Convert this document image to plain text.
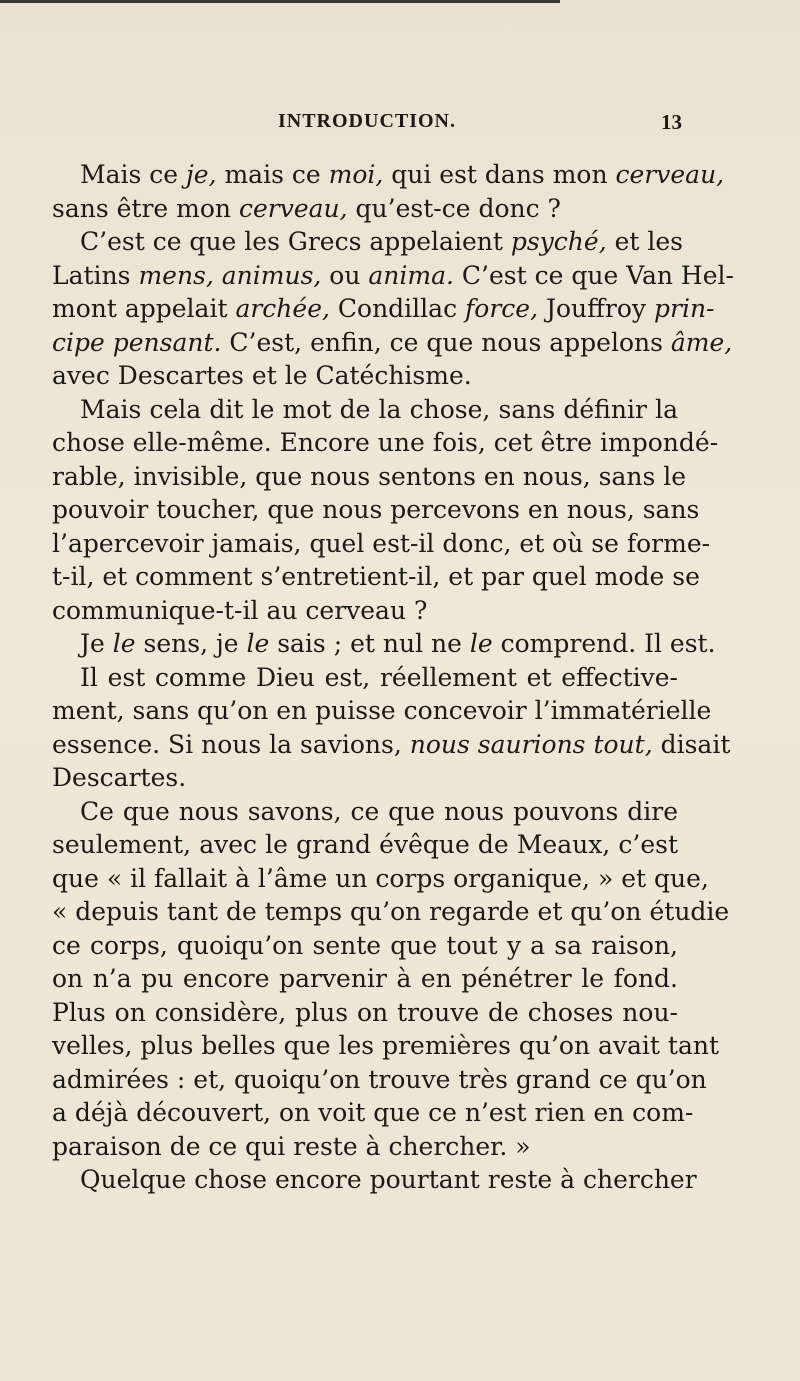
INTRODUCTION.	13
Mais ce je, mais ce moi, qui est dans mon cerveau,
sans être mon cerveau, qu’est-ce donc ?
C’est ce que les Grecs appelaient psyché, et les
Latins mens, animus, ou anima. C’est ce que Van Hel-
mont appelait archée, Condillac force, Jouffroy prin-
cipe pensant. C’est, enfin, ce que nous appelons âme,
avec Descartes et le Catéchisme.
Mais cela dit le mot de la chose, sans définir la
chose elle-même. Encore une fois, cet être impondé-
rable, invisible, que nous sentons en nous, sans le
pouvoir toucher, que nous percevons en nous, sans
l’apercevoir jamais, quel est-il donc, et où se forme-
t-il, et comment s’entretient-il, et par quel mode se
communique-t-il au cerveau ?
Je le sens, je le sais ; et nul ne le comprend. Il est.
Il est comme Dieu est, réellement et effective-
ment, sans qu’on en puisse concevoir l’immatérielle
essence. Si nous la savions, nous saurions tout, disait
Descartes.
Ce que nous savons, ce que nous pouvons dire
seulement, avec le grand évêque de Meaux, c’est
que « il fallait à l’âme un corps organique, » et que,
« depuis tant de temps qu’on regarde et qu’on étudie
ce corps, quoiqu’on sente que tout y a sa raison,
on n’a pu encore parvenir à en pénétrer le fond.
Plus on considère, plus on trouve de choses nou-
velles, plus belles que les premières qu’on avait tant
admirées : et, quoiqu’on trouve très grand ce qu’on
a déjà découvert, on voit que ce n’est rien en com-
paraison de ce qui reste à chercher. »
Quelque chose encore pourtant reste à chercher
